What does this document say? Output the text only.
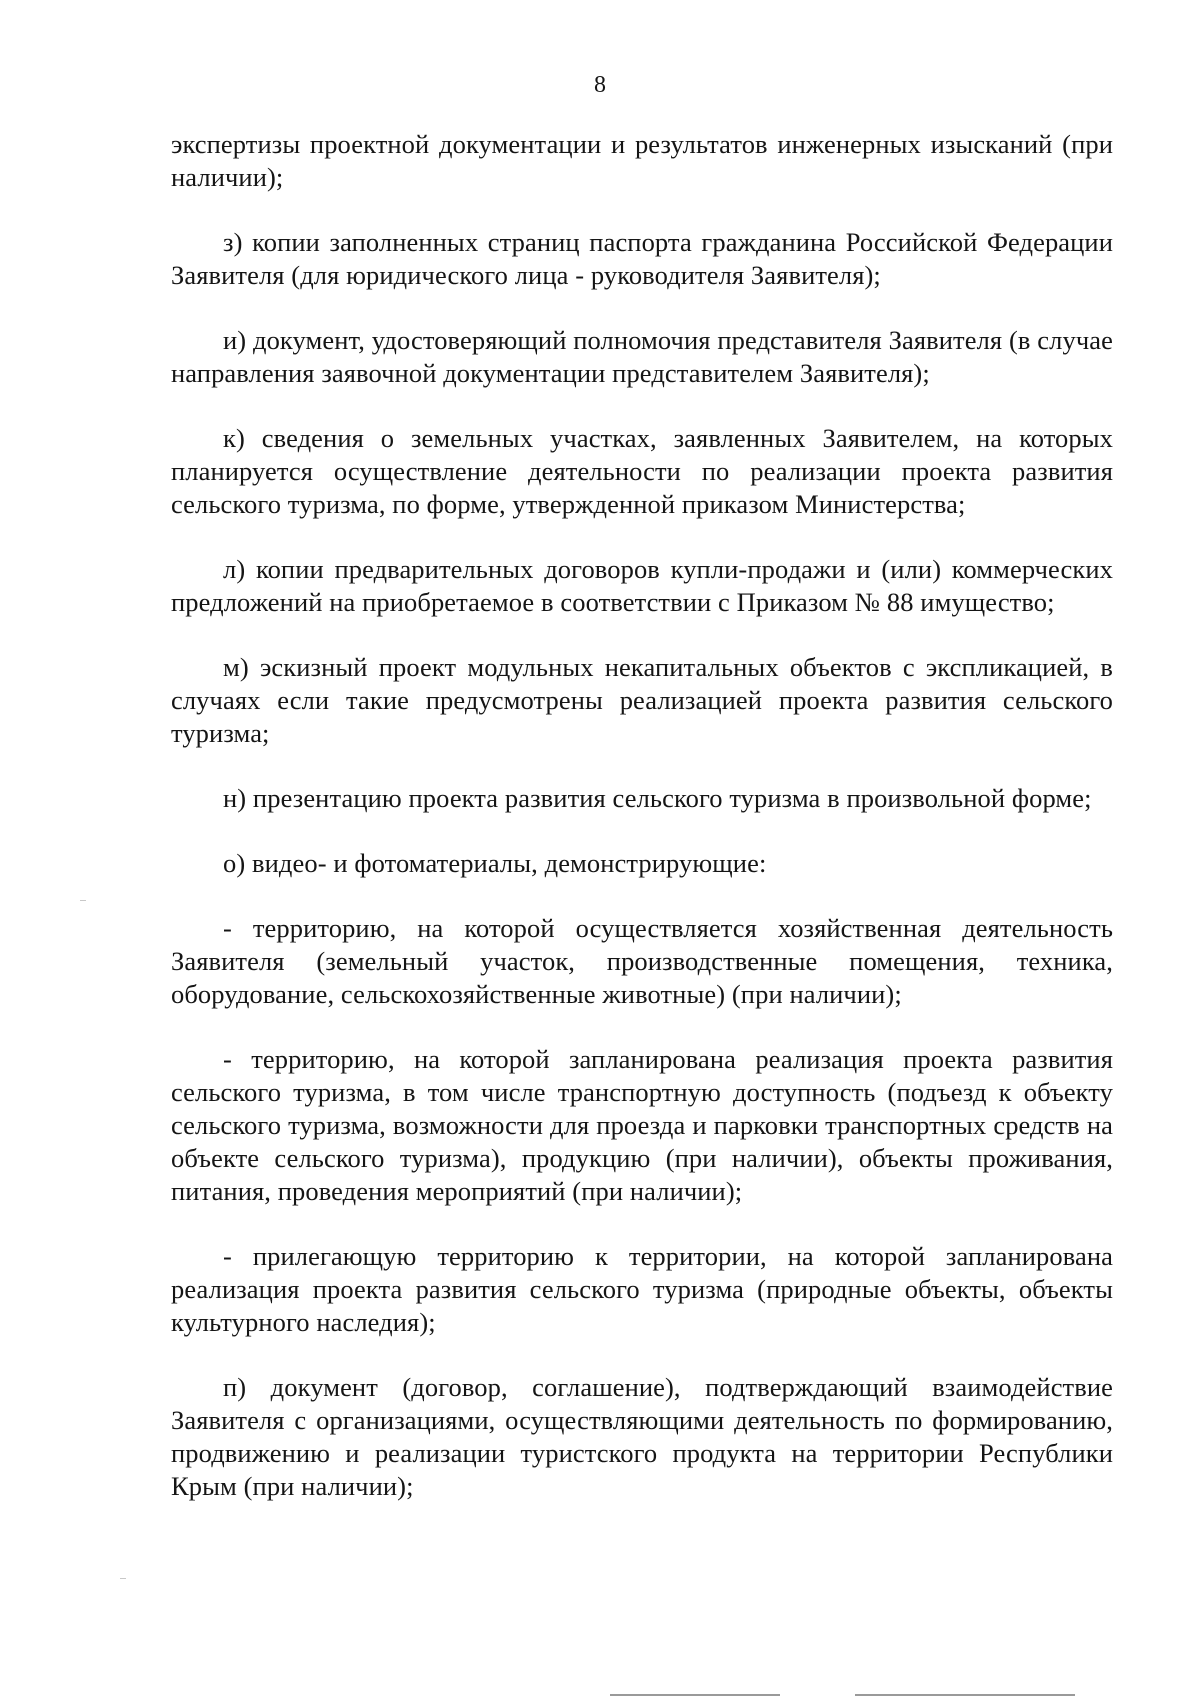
8

экспертизы проектной документации и результатов инженерных изысканий (при наличии);

з) копии заполненных страниц паспорта гражданина Российской Федерации Заявителя (для юридического лица - руководителя Заявителя);

и) документ, удостоверяющий полномочия представителя Заявителя (в случае направления заявочной документации представителем Заявителя);

к) сведения о земельных участках, заявленных Заявителем, на которых планируется осуществление деятельности по реализации проекта развития сельского туризма, по форме, утвержденной приказом Министерства;

л) копии предварительных договоров купли-продажи и (или) коммерческих предложений на приобретаемое в соответствии с Приказом № 88 имущество;

м) эскизный проект модульных некапитальных объектов с экспликацией, в случаях если такие предусмотрены реализацией проекта развития сельского туризма;

н) презентацию проекта развития сельского туризма в произвольной форме;

о) видео- и фотоматериалы, демонстрирующие:

- территорию, на которой осуществляется хозяйственная деятельность Заявителя (земельный участок, производственные помещения, техника, оборудование, сельскохозяйственные животные) (при наличии);

- территорию, на которой запланирована реализация проекта развития сельского туризма, в том числе транспортную доступность (подъезд к объекту сельского туризма, возможности для проезда и парковки транспортных средств на объекте сельского туризма), продукцию (при наличии), объекты проживания, питания, проведения мероприятий (при наличии);

- прилегающую территорию к территории, на которой запланирована реализация проекта развития сельского туризма (природные объекты, объекты культурного наследия);

п) документ (договор, соглашение), подтверждающий взаимодействие Заявителя с организациями, осуществляющими деятельность по формированию, продвижению и реализации туристского продукта на территории Республики Крым (при наличии);
